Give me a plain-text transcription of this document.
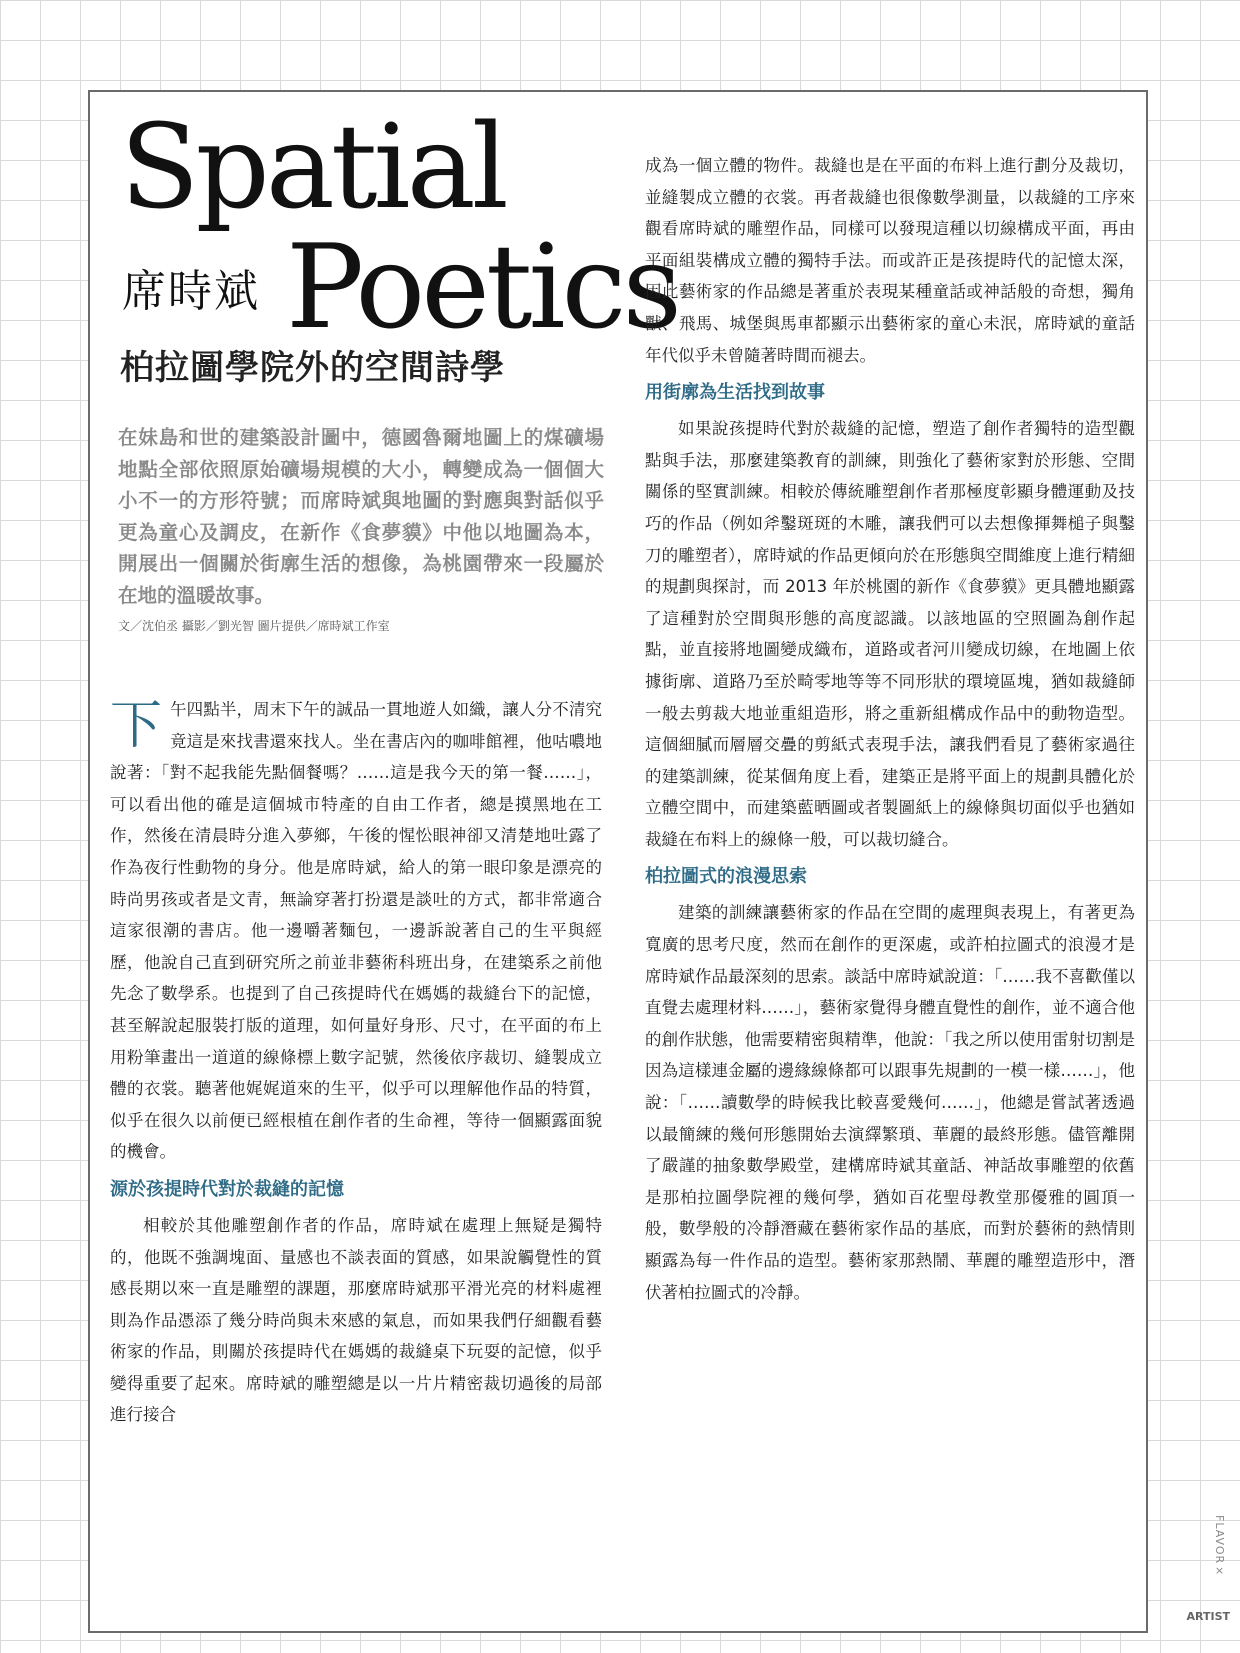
Spatial
席時斌 Poetics
柏拉圖學院外的空間詩學

在妹島和世的建築設計圖中，德國魯爾地圖上的煤礦場地點全部依照原始礦場規模的大小，轉變成為一個個大小不一的方形符號；而席時斌與地圖的對應與對話似乎更為童心及調皮，在新作《食夢貘》中他以地圖為本，開展出一個關於街廓生活的想像，為桃園帶來一段屬於在地的溫暖故事。

文／沈伯丞 攝影／劉光智 圖片提供／席時斌工作室

下午四點半，周末下午的誠品一貫地遊人如織，讓人分不清究竟這是來找書還來找人。坐在書店內的咖啡館裡，他咕噥地說著：「對不起我能先點個餐嗎？……這是我今天的第一餐……」，可以看出他的確是這個城市特產的自由工作者，總是摸黑地在工作，然後在清晨時分進入夢鄉，午後的惺忪眼神卻又清楚地吐露了作為夜行性動物的身分。他是席時斌，給人的第一眼印象是漂亮的時尚男孩或者是文青，無論穿著打扮還是談吐的方式，都非常適合這家很潮的書店。他一邊嚼著麵包，一邊訴說著自己的生平與經歷，他說自己直到研究所之前並非藝術科班出身，在建築系之前他先念了數學系。也提到了自己孩提時代在媽媽的裁縫台下的記憶，甚至解說起服裝打版的道理，如何量好身形、尺寸，在平面的布上用粉筆畫出一道道的線條標上數字記號，然後依序裁切、縫製成立體的衣裳。聽著他娓娓道來的生平，似乎可以理解他作品的特質，似乎在很久以前便已經根植在創作者的生命裡，等待一個顯露面貌的機會。

源於孩提時代對於裁縫的記憶

相較於其他雕塑創作者的作品，席時斌在處理上無疑是獨特的，他既不強調塊面、量感也不談表面的質感，如果說觸覺性的質感長期以來一直是雕塑的課題，那麼席時斌那平滑光亮的材料處裡則為作品憑添了幾分時尚與未來感的氣息，而如果我們仔細觀看藝術家的作品，則關於孩提時代在媽媽的裁縫桌下玩耍的記憶，似乎變得重要了起來。席時斌的雕塑總是以一片片精密裁切過後的局部進行接合

成為一個立體的物件。裁縫也是在平面的布料上進行劃分及裁切，並縫製成立體的衣裳。再者裁縫也很像數學測量，以裁縫的工序來觀看席時斌的雕塑作品，同樣可以發現這種以切線構成平面，再由平面組裝構成立體的獨特手法。而或許正是孩提時代的記憶太深，因此藝術家的作品總是著重於表現某種童話或神話般的奇想，獨角獸、飛馬、城堡與馬車都顯示出藝術家的童心未泯，席時斌的童話年代似乎未曾隨著時間而褪去。

用街廓為生活找到故事

如果說孩提時代對於裁縫的記憶，塑造了創作者獨特的造型觀點與手法，那麼建築教育的訓練，則強化了藝術家對於形態、空間關係的堅實訓練。相較於傳統雕塑創作者那極度彰顯身體運動及技巧的作品（例如斧鑿斑斑的木雕，讓我們可以去想像揮舞槌子與鑿刀的雕塑者），席時斌的作品更傾向於在形態與空間維度上進行精細的規劃與探討，而 2013 年於桃園的新作《食夢貘》更具體地顯露了這種對於空間與形態的高度認識。以該地區的空照圖為創作起點，並直接將地圖變成織布，道路或者河川變成切線，在地圖上依據街廓、道路乃至於畸零地等等不同形狀的環境區塊，猶如裁縫師一般去剪裁大地並重組造形，將之重新組構成作品中的動物造型。這個細膩而層層交疊的剪紙式表現手法，讓我們看見了藝術家過往的建築訓練，從某個角度上看，建築正是將平面上的規劃具體化於立體空間中，而建築藍晒圖或者製圖紙上的線條與切面似乎也猶如裁縫在布料上的線條一般，可以裁切縫合。

柏拉圖式的浪漫思索

建築的訓練讓藝術家的作品在空間的處理與表現上，有著更為寬廣的思考尺度，然而在創作的更深處，或許柏拉圖式的浪漫才是席時斌作品最深刻的思索。談話中席時斌說道：「……我不喜歡僅以直覺去處理材料……」，藝術家覺得身體直覺性的創作，並不適合他的創作狀態，他需要精密與精準，他說：「我之所以使用雷射切割是因為這樣連金屬的邊緣線條都可以跟事先規劃的一模一樣……」，他說：「……讀數學的時候我比較喜愛幾何……」，他總是嘗試著透過以最簡練的幾何形態開始去演繹繁瑣、華麗的最終形態。儘管離開了嚴謹的抽象數學殿堂，建構席時斌其童話、神話故事雕塑的依舊是那柏拉圖學院裡的幾何學，猶如百花聖母教堂那優雅的圓頂一般，數學般的冷靜潛藏在藝術家作品的基底，而對於藝術的熱情則顯露為每一件作品的造型。藝術家那熱鬧、華麗的雕塑造形中，潛伏著柏拉圖式的冷靜。

FLAVOR×
ARTIST
